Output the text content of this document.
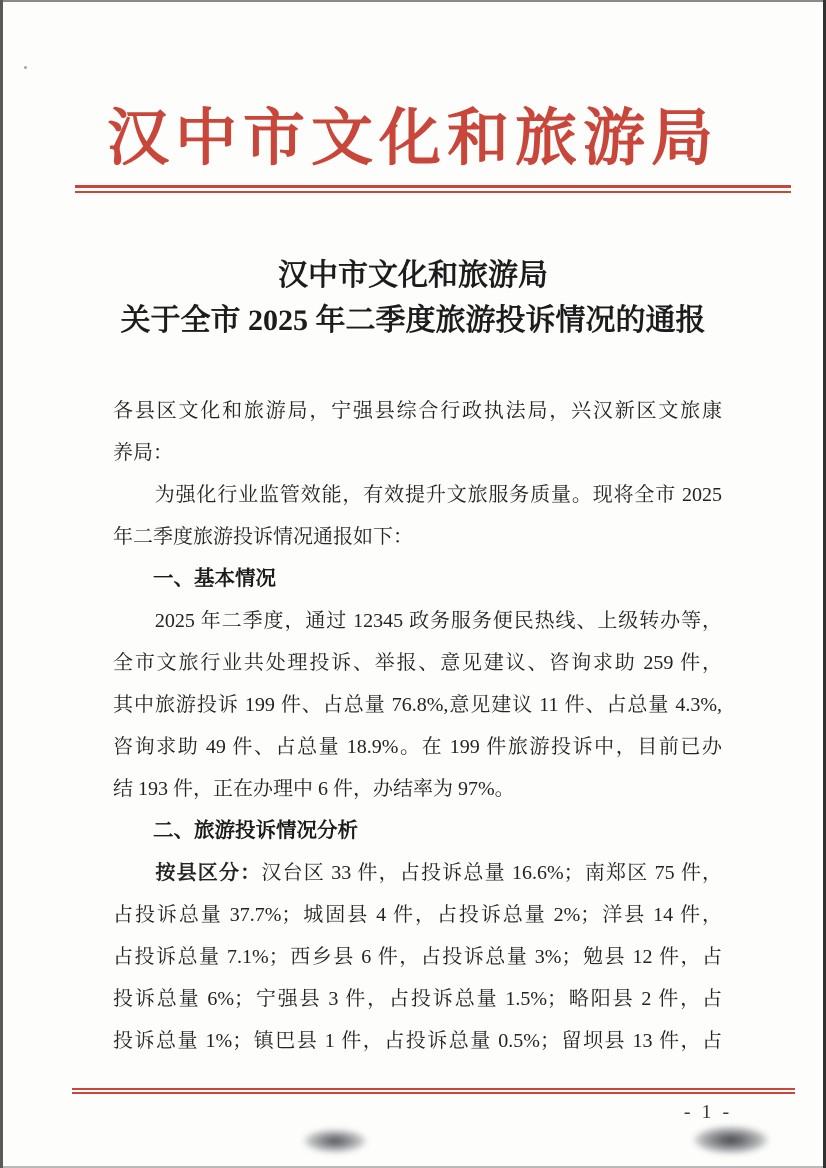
汉中市文化和旅游局
汉中市文化和旅游局
关于全市 2025 年二季度旅游投诉情况的通报
各县区文化和旅游局，宁强县综合行政执法局，兴汉新区文旅康
养局：
　　为强化行业监管效能，有效提升文旅服务质量。现将全市 2025
年二季度旅游投诉情况通报如下：
一、基本情况
　　2025 年二季度，通过 12345 政务服务便民热线、上级转办等，
全市文旅行业共处理投诉、举报、意见建议、咨询求助 259 件，
其中旅游投诉 199 件、占总量 76.8%,意见建议 11 件、占总量 4.3%,
咨询求助 49 件、占总量 18.9%。在 199 件旅游投诉中，目前已办
结 193 件，正在办理中 6 件，办结率为 97%。
二、旅游投诉情况分析
　　按县区分：汉台区 33 件，占投诉总量 16.6%；南郑区 75 件，
占投诉总量 37.7%；城固县 4 件，占投诉总量 2%；洋县 14 件，
占投诉总量 7.1%；西乡县 6 件，占投诉总量 3%；勉县 12 件，占
投诉总量 6%；宁强县 3 件，占投诉总量 1.5%；略阳县 2 件，占
投诉总量 1%；镇巴县 1 件，占投诉总量 0.5%；留坝县 13 件，占
- 1 -
